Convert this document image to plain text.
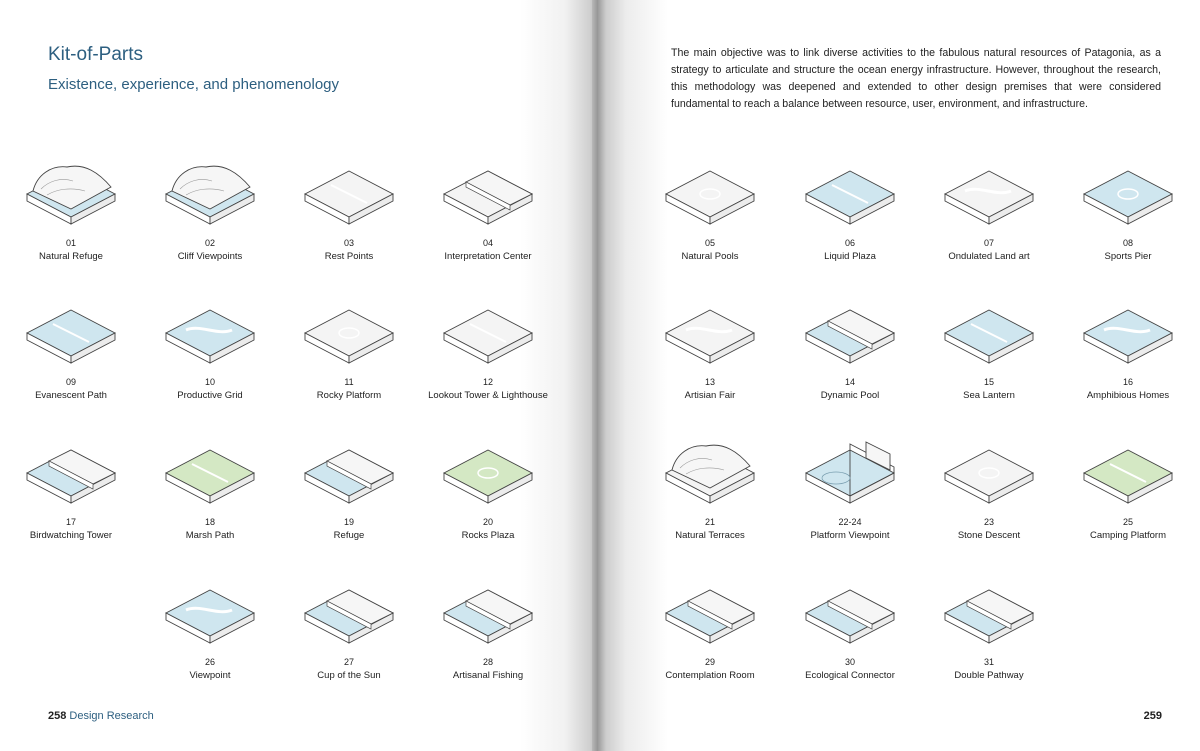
Kit-of-Parts
Existence, experience, and phenomenology
258 Design Research

The main objective was to link diverse activities to the fabulous natural resources of Patagonia, as a strategy to articulate and structure the ocean energy infrastructure. However, throughout the research, this methodology was deepened and extended to other design premises that were considered fundamental to reach a balance between resource, user, environment, and infrastructure.

259
01
Natural Refuge
02
Cliff Viewpoints
03
Rest Points
04
Interpretation Center
05
Natural Pools
06
Liquid Plaza
07
Ondulated Land art
08
Sports Pier
09
Evanescent Path
10
Productive Grid
11
Rocky Platform
12
Lookout Tower & Lighthouse
13
Artisian Fair
14
Dynamic Pool
15
Sea Lantern
16
Amphibious Homes
17
Birdwatching Tower
18
Marsh Path
19
Refuge
20
Rocks Plaza
21
Natural Terraces
22-24
Platform Viewpoint
23
Stone Descent
25
Camping Platform
26
Viewpoint
27
Cup of the Sun
28
Artisanal Fishing
29
Contemplation Room
30
Ecological Connector
31
Double Pathway
